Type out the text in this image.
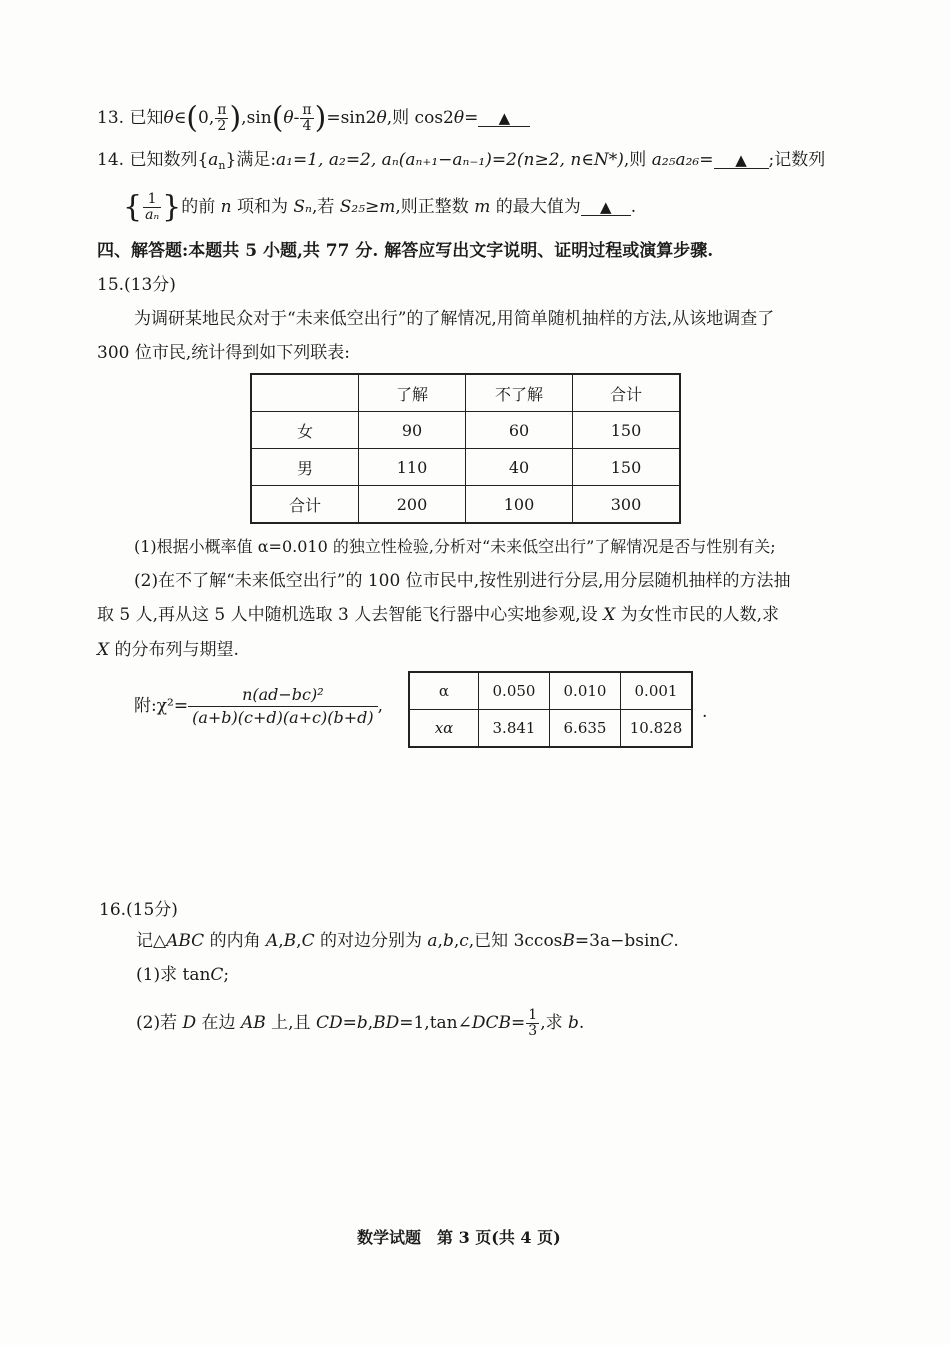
13. 已知θ∈(0, $\frac{\pi}{2} ),\sin(\theta- \frac{\pi}{4} )=\sin 2\theta$,则 cos2θ= ▲
14. 已知数列$\{a_n\}$满足:a₁=1, a₂=2, aₙ(aₙ₊₁−aₙ₋₁)=2(n≥2, n∈N*),则 a₂₅a₂₆= ▲ ;记数列
{ $\frac{1}{\text{aₙ}}$ }的前 n 项和为 Sₙ,若 S₂₅≥m,则正整数 m 的最大值为 ▲ .
四、解答题:本题共 5 小题,共 77 分. 解答应写出文字说明、证明过程或演算步骤.
15.(13分)
为调研某地民众对于“未来低空出行”的了解情况,用简单随机抽样的方法,从该地调查了
300 位市民,统计得到如下列联表:
	了解	不了解	合计
女	90	60	150
男	110	40	150
合计	200	100	300
(1)根据小概率值 α=0.010 的独立性检验,分析对“未来低空出行”了解情况是否与性别有关;
(2)在不了解“未来低空出行”的 100 位市民中,按性别进行分层,用分层随机抽样的方法抽
取 5 人,再从这 5 人中随机选取 3 人去智能飞行器中心实地参观,设 X 为女性市民的人数,求
X 的分布列与期望.
附:χ²= $\frac{\text{n(ad−bc)²}}{(a+b)(c+d)(a+c)(b+d)}$ ,
α	0.050	0.010	0.001
xα	3.841	6.635	10.828
.
16.(15分)
记△ABC 的内角 A,B,C 的对边分别为 a,b,c,已知 3ccosB=3a−bsinC.
(1)求 tanC;
(2)若 D 在边 AB 上,且 CD=b,BD=1,tan∠DCB= $\frac{1}{3}$ ,求 b.
数学试题　第 3 页(共 4 页)
